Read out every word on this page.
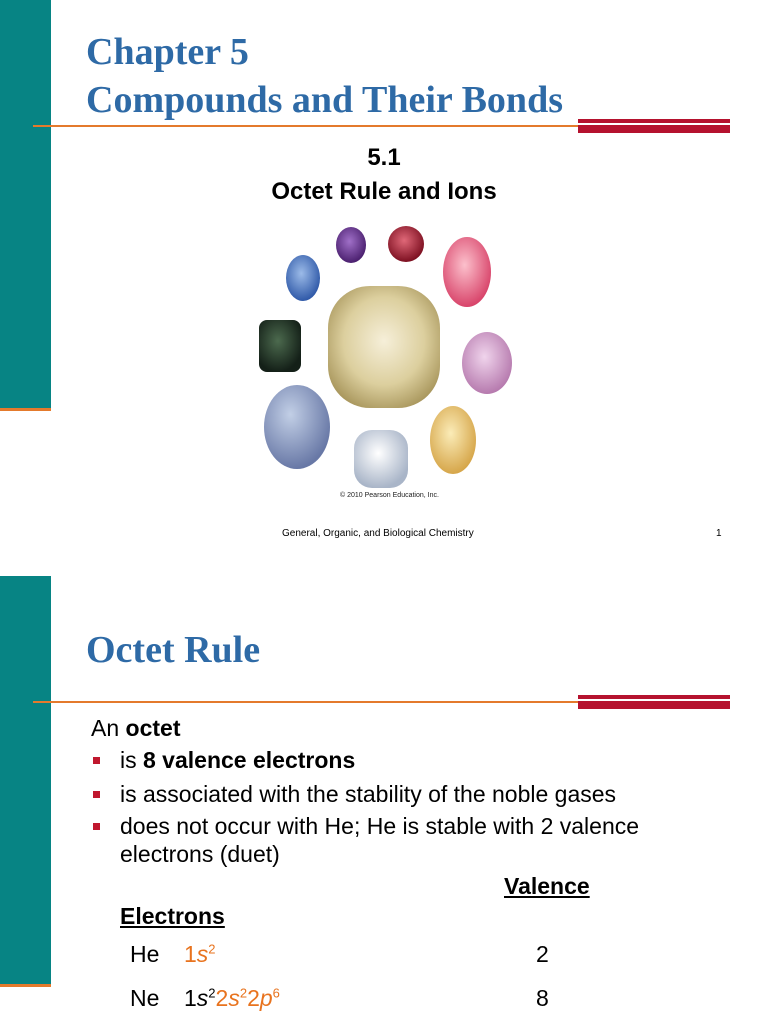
Chapter 5
Compounds and Their Bonds
5.1
Octet Rule and Ions
© 2010 Pearson Education, Inc.
General, Organic, and Biological Chemistry	1
Octet Rule
An octet
is 8 valence electrons
is associated with the stability of the noble gases
does not occur with He; He is stable with 2 valence electrons (duet)
Valence
Electrons
He $1s^2$	2
Ne $1s^22s^22p^6$	8
